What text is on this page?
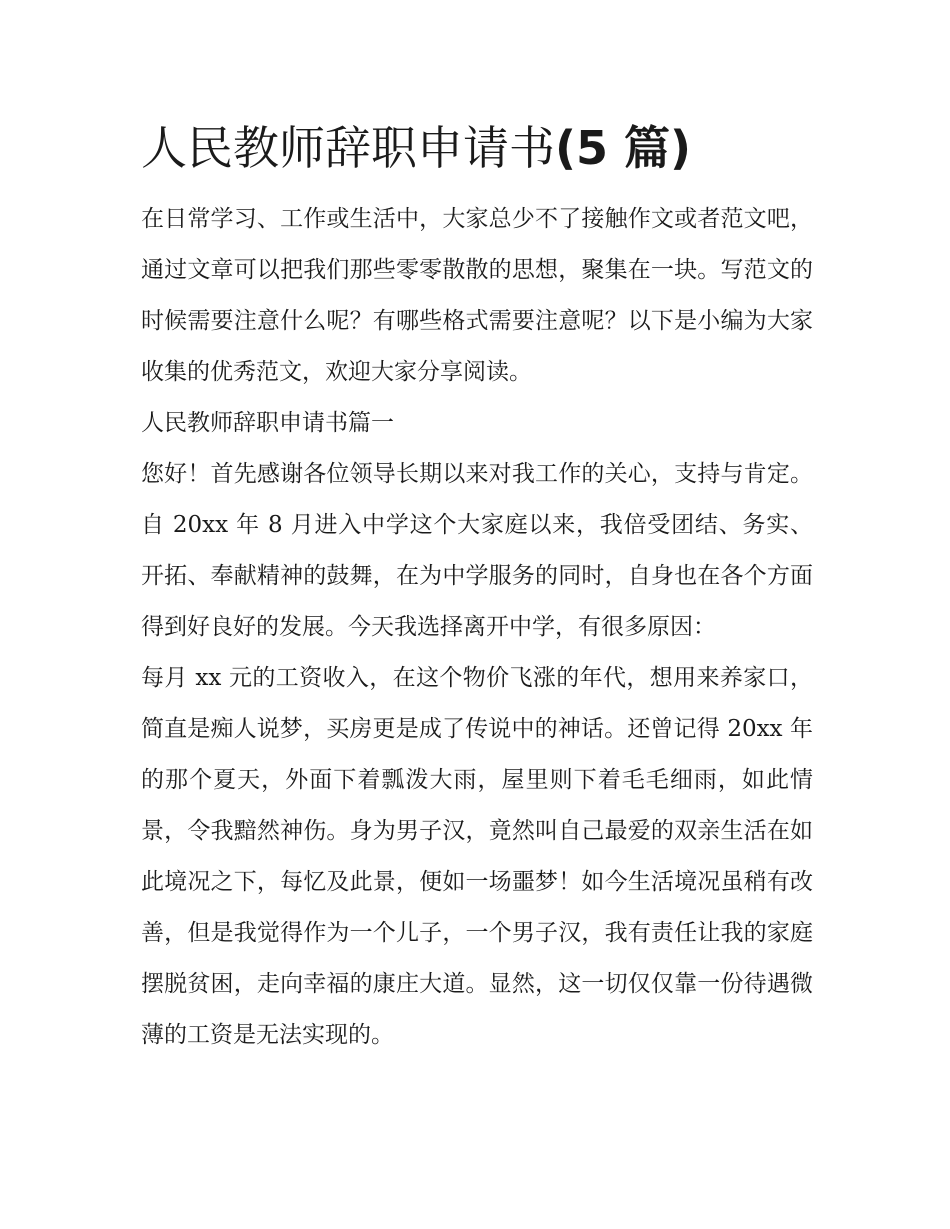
人民教师辞职申请书(5 篇)

在日常学习、工作或生活中，大家总少不了接触作文或者范文吧，通过文章可以把我们那些零零散散的思想，聚集在一块。写范文的时候需要注意什么呢？有哪些格式需要注意呢？以下是小编为大家收集的优秀范文，欢迎大家分享阅读。

人民教师辞职申请书篇一

您好！首先感谢各位领导长期以来对我工作的关心，支持与肯定。自 20xx 年 8 月进入中学这个大家庭以来，我倍受团结、务实、开拓、奉献精神的鼓舞，在为中学服务的同时，自身也在各个方面得到好良好的发展。今天我选择离开中学，有很多原因：

每月 xx 元的工资收入，在这个物价飞涨的年代，想用来养家口，简直是痴人说梦，买房更是成了传说中的神话。还曾记得 20xx 年的那个夏天，外面下着瓢泼大雨，屋里则下着毛毛细雨，如此情景，令我黯然神伤。身为男子汉，竟然叫自己最爱的双亲生活在如此境况之下，每忆及此景，便如一场噩梦！如今生活境况虽稍有改善，但是我觉得作为一个儿子，一个男子汉，我有责任让我的家庭摆脱贫困，走向幸福的康庄大道。显然，这一切仅仅靠一份待遇微薄的工资是无法实现的。
